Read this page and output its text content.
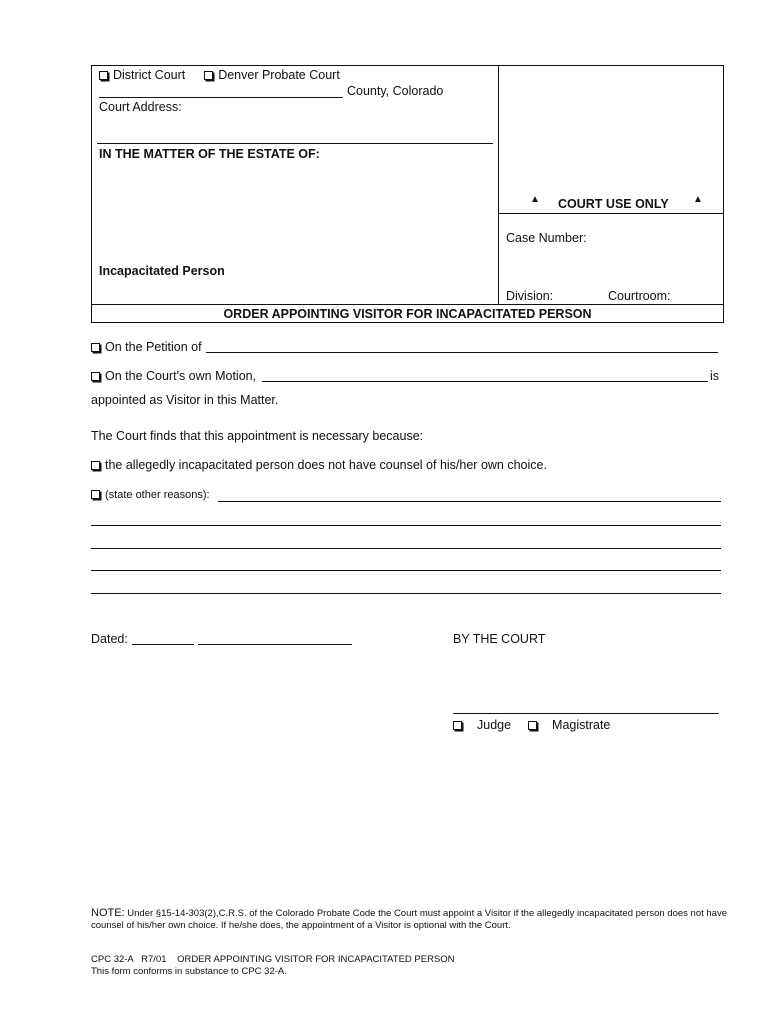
District Court	Denver Probate Court
County, Colorado
Court Address:
IN THE MATTER OF THE ESTATE OF:
Incapacitated Person
▲ COURT USE ONLY ▲
Case Number:
Division:	Courtroom:
ORDER APPOINTING VISITOR FOR INCAPACITATED PERSON
On the Petition of
On the Court's own Motion,	is
appointed as Visitor in this Matter.
The Court finds that this appointment is necessary because:
the allegedly incapacitated person does not have counsel of his/her own choice.
(state other reasons):
Dated:	BY THE COURT
Judge	Magistrate
NOTE: Under §15-14-303(2),C.R.S. of the Colorado Probate Code the Court must appoint a Visitor if the allegedly incapacitated person does not have counsel of his/her own choice. If he/she does, the appointment of a Visitor is optional with the Court.
CPC 32-A   R7/01    ORDER APPOINTING VISITOR FOR INCAPACITATED PERSON
This form conforms in substance to CPC 32-A.
